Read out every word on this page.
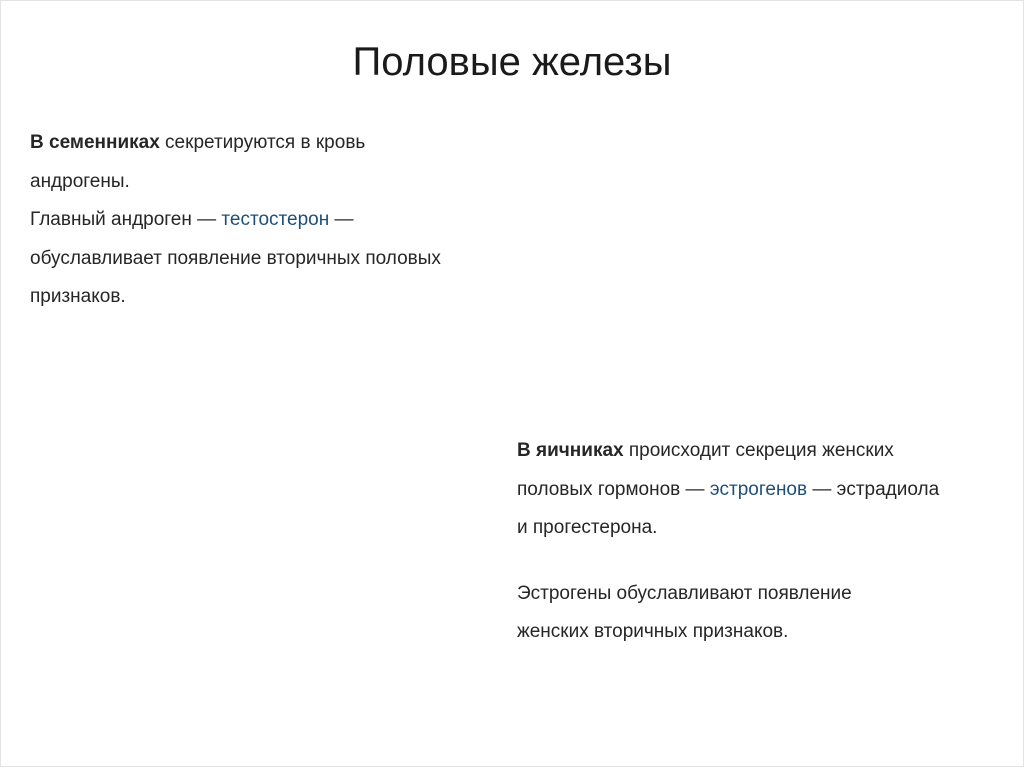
Половые железы

В семенниках секретируются в кровь

андрогены.

Главный андроген — тестостерон —

обуславливает появление вторичных половых

признаков.

В яичниках происходит секреция женских

половых гормонов — эстрогенов — эстрадиола

и прогестерона.

Эстрогены обуславливают появление

женских вторичных признаков.
